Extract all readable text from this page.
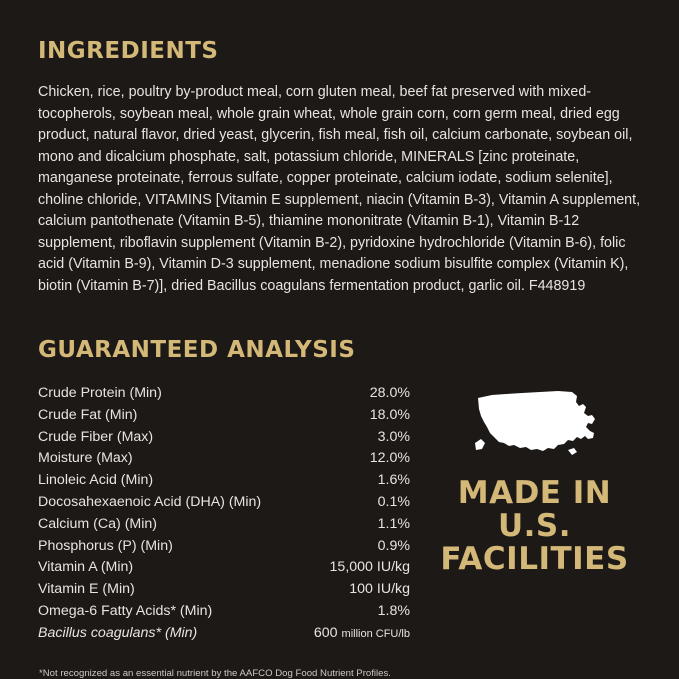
INGREDIENTS

Chicken, rice, poultry by-product meal, corn gluten meal, beef fat preserved with mixed-tocopherols, soybean meal, whole grain wheat, whole grain corn, corn germ meal, dried egg product, natural flavor, dried yeast, glycerin, fish meal, fish oil, calcium carbonate, soybean oil, mono and dicalcium phosphate, salt, potassium chloride, MINERALS [zinc proteinate, manganese proteinate, ferrous sulfate, copper proteinate, calcium iodate, sodium selenite], choline chloride, VITAMINS [Vitamin E supplement, niacin (Vitamin B-3), Vitamin A supplement, calcium pantothenate (Vitamin B-5), thiamine mononitrate (Vitamin B-1), Vitamin B-12 supplement, riboflavin supplement (Vitamin B-2), pyridoxine hydrochloride (Vitamin B-6), folic acid (Vitamin B-9), Vitamin D-3 supplement, menadione sodium bisulfite complex (Vitamin K), biotin (Vitamin B-7)], dried Bacillus coagulans fermentation product, garlic oil. F448919

GUARANTEED ANALYSIS
Crude Protein (Min)	28.0%
Crude Fat (Min)	18.0%
Crude Fiber (Max)	3.0%
Moisture (Max)	12.0%
Linoleic Acid (Min)	1.6%
Docosahexaenoic Acid (DHA) (Min)	0.1%
Calcium (Ca) (Min)	1.1%
Phosphorus (P) (Min)	0.9%
Vitamin A (Min)	15,000 IU/kg
Vitamin E (Min)	100 IU/kg
Omega-6 Fatty Acids* (Min)	1.8%
Bacillus coagulans* (Min)	600 million CFU/lb
*Not recognized as an essential nutrient by the AAFCO Dog Food Nutrient Profiles.
MADE IN
U.S.
FACILITIES
